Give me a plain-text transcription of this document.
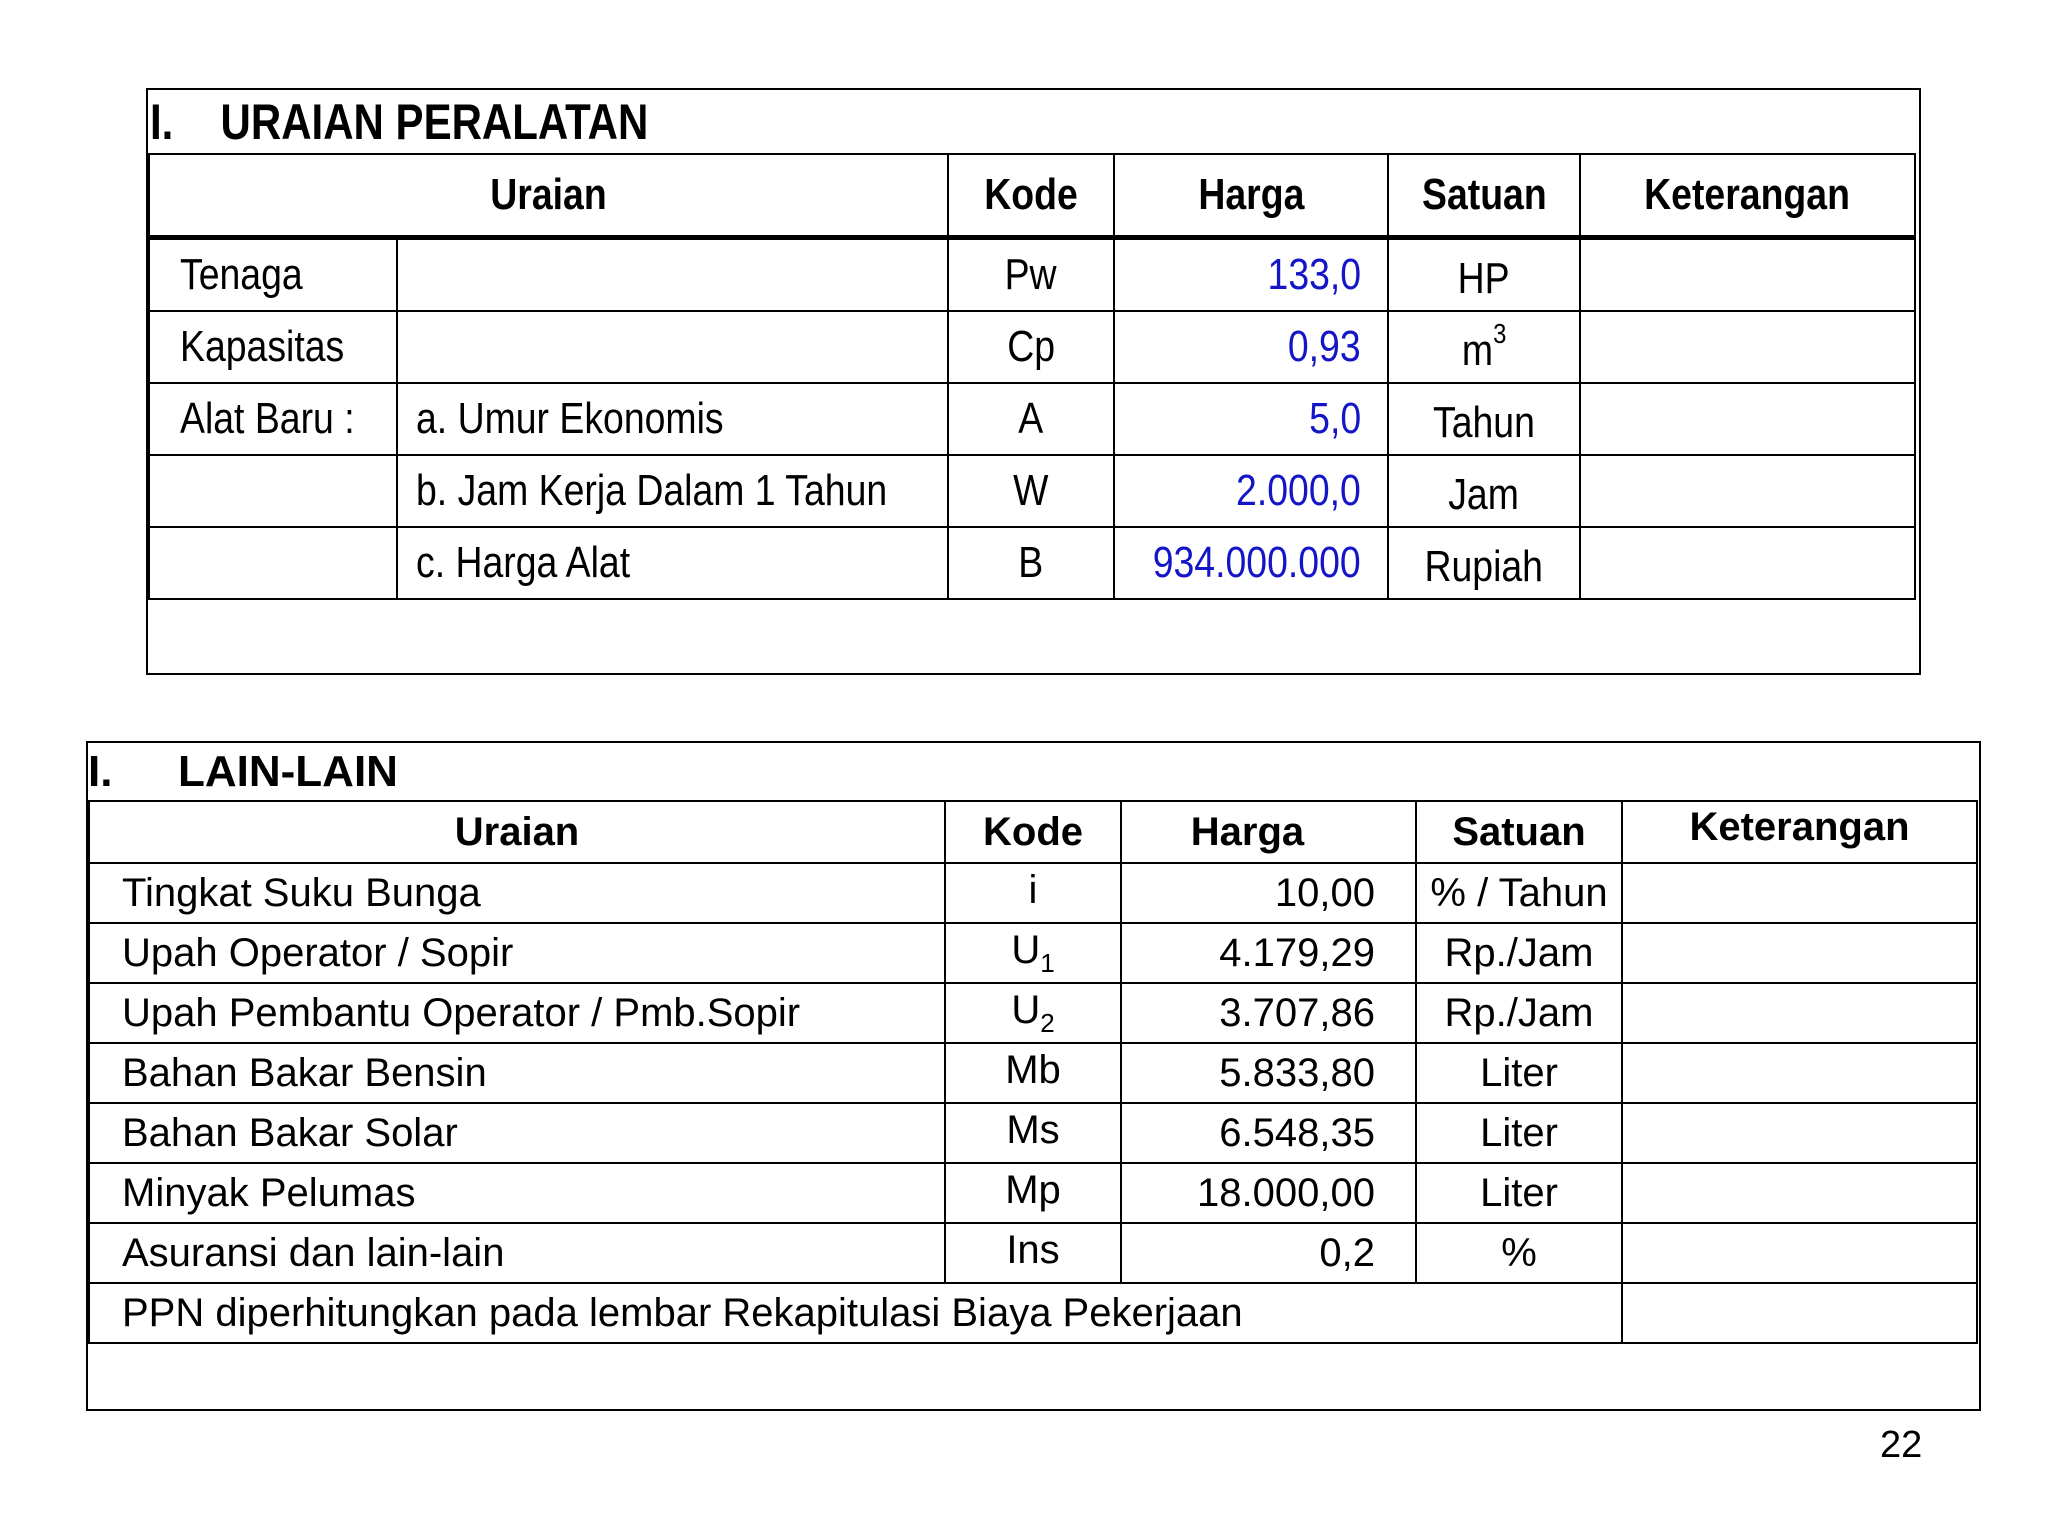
I. URAIAN PERALATAN
Uraian		Kode	Harga	Satuan	Keterangan
Tenaga		Pw	133,0	HP	
Kapasitas		Cp	0,93	$m^3$	
Alat Baru :	a. Umur Ekonomis	A	5,0	Tahun	
	b. Jam Kerja Dalam 1 Tahun	W	2.000,0	Jam	
	c. Harga Alat	B	934.000.000	Rupiah	
I. LAIN-LAIN
Uraian	Kode	Harga	Satuan	Keterangan
Tingkat Suku Bunga	i	10,00	% / Tahun	
Upah Operator / Sopir	$U_1$	4.179,29	Rp./Jam	
Upah Pembantu Operator / Pmb.Sopir	$U_2$	3.707,86	Rp./Jam	
Bahan Bakar Bensin	Mb	5.833,80	Liter	
Bahan Bakar Solar	Ms	6.548,35	Liter	
Minyak Pelumas	Mp	18.000,00	Liter	
Asuransi dan lain-lain	Ins	0,2	%	
PPN diperhitungkan pada lembar Rekapitulasi Biaya Pekerjaan				
22
